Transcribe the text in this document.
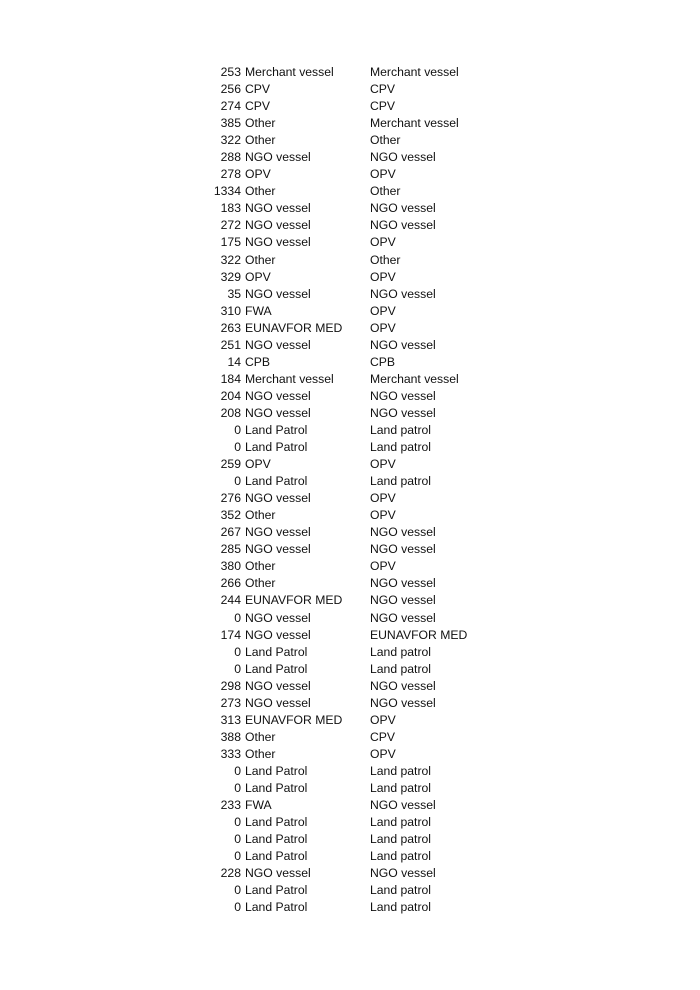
253 Merchant vessel	Merchant vessel
256 CPV	CPV
274 CPV	CPV
385 Other	Merchant vessel
322 Other	Other
288 NGO vessel	NGO vessel
278 OPV	OPV
1334 Other	Other
183 NGO vessel	NGO vessel
272 NGO vessel	NGO vessel
175 NGO vessel	OPV
322 Other	Other
329 OPV	OPV
35 NGO vessel	NGO vessel
310 FWA	OPV
263 EUNAVFOR MED	OPV
251 NGO vessel	NGO vessel
14 CPB	CPB
184 Merchant vessel	Merchant vessel
204 NGO vessel	NGO vessel
208 NGO vessel	NGO vessel
0 Land Patrol	Land patrol
0 Land Patrol	Land patrol
259 OPV	OPV
0 Land Patrol	Land patrol
276 NGO vessel	OPV
352 Other	OPV
267 NGO vessel	NGO vessel
285 NGO vessel	NGO vessel
380 Other	OPV
266 Other	NGO vessel
244 EUNAVFOR MED	NGO vessel
0 NGO vessel	NGO vessel
174 NGO vessel	EUNAVFOR MED
0 Land Patrol	Land patrol
0 Land Patrol	Land patrol
298 NGO vessel	NGO vessel
273 NGO vessel	NGO vessel
313 EUNAVFOR MED	OPV
388 Other	CPV
333 Other	OPV
0 Land Patrol	Land patrol
0 Land Patrol	Land patrol
233 FWA	NGO vessel
0 Land Patrol	Land patrol
0 Land Patrol	Land patrol
0 Land Patrol	Land patrol
228 NGO vessel	NGO vessel
0 Land Patrol	Land patrol
0 Land Patrol	Land patrol
